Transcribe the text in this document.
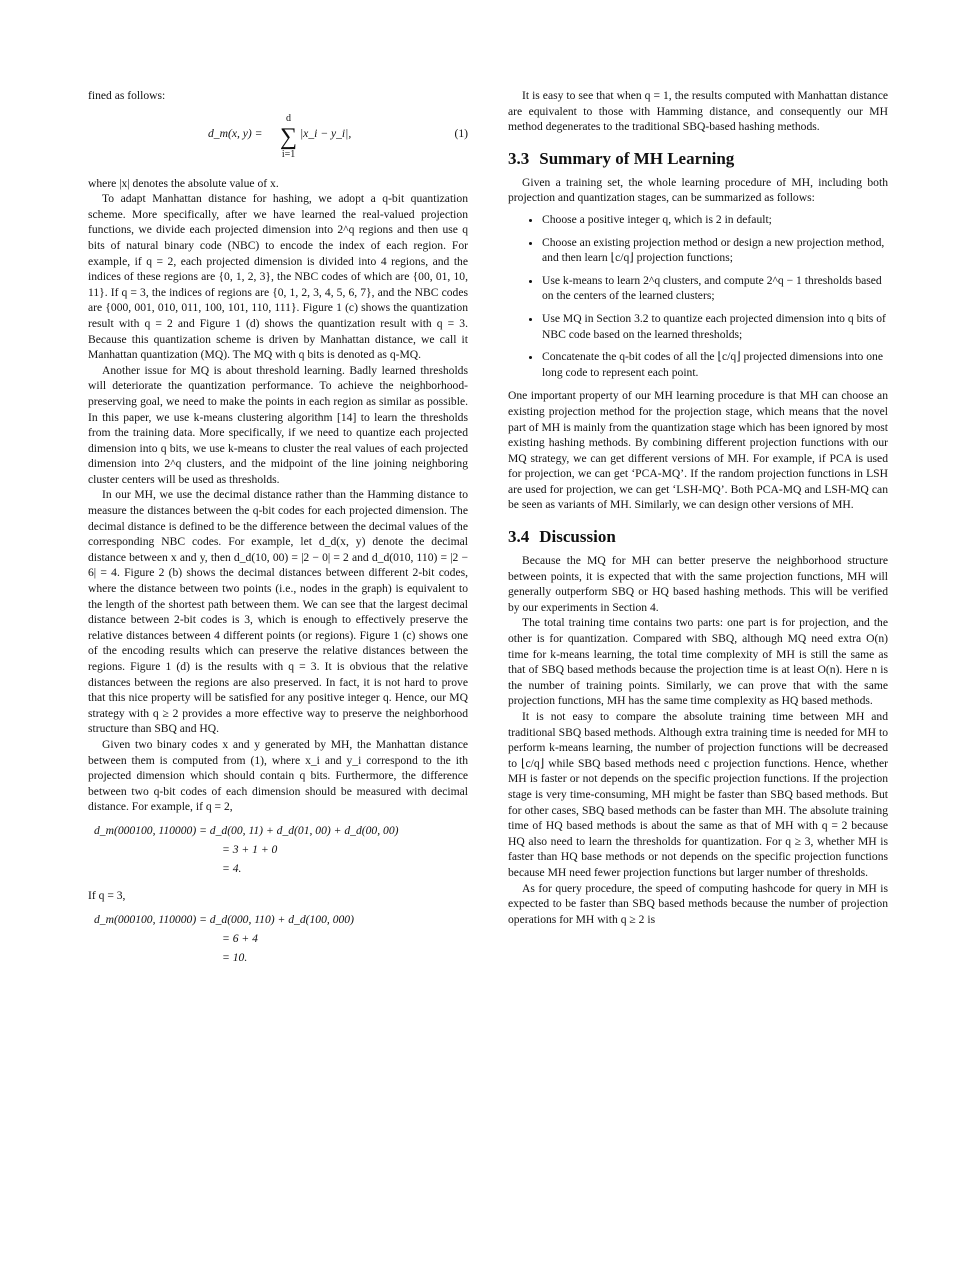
fined as follows:

d_m(x, y) =
d
∑
i=1
|x_i − y_i|,	(1)

where |x| denotes the absolute value of x.

To adapt Manhattan distance for hashing, we adopt a q-bit quantization scheme. More specifically, after we have learned the real-valued projection functions, we divide each projected dimension into 2^q regions and then use q bits of natural binary code (NBC) to encode the index of each region. For example, if q = 2, each projected dimension is divided into 4 regions, and the indices of these regions are {0, 1, 2, 3}, the NBC codes of which are {00, 01, 10, 11}. If q = 3, the indices of regions are {0, 1, 2, 3, 4, 5, 6, 7}, and the NBC codes are {000, 001, 010, 011, 100, 101, 110, 111}. Figure 1 (c) shows the quantization result with q = 2 and Figure 1 (d) shows the quantization result with q = 3. Because this quantization scheme is driven by Manhattan distance, we call it Manhattan quantization (MQ). The MQ with q bits is denoted as q-MQ.

Another issue for MQ is about threshold learning. Badly learned thresholds will deteriorate the quantization performance. To achieve the neighborhood-preserving goal, we need to make the points in each region as similar as possible. In this paper, we use k-means clustering algorithm [14] to learn the thresholds from the training data. More specifically, if we need to quantize each projected dimension into q bits, we use k-means to cluster the real values of each projected dimension into 2^q clusters, and the midpoint of the line joining neighboring cluster centers will be used as thresholds.

In our MH, we use the decimal distance rather than the Hamming distance to measure the distances between the q-bit codes for each projected dimension. The decimal distance is defined to be the difference between the decimal values of the corresponding NBC codes. For example, let d_d(x, y) denote the decimal distance between x and y, then d_d(10, 00) = |2 − 0| = 2 and d_d(010, 110) = |2 − 6| = 4. Figure 2 (b) shows the decimal distances between different 2-bit codes, where the distance between two points (i.e., nodes in the graph) is equivalent to the length of the shortest path between them. We can see that the largest decimal distance between 2-bit codes is 3, which is enough to effectively preserve the relative distances between 4 different points (or regions). Figure 1 (c) shows one of the encoding results which can preserve the relative distances between the regions. Figure 1 (d) is the results with q = 3. It is obvious that the relative distances between the regions are also preserved. In fact, it is not hard to prove that this nice property will be satisfied for any positive integer q. Hence, our MQ strategy with q ≥ 2 provides a more effective way to preserve the neighborhood structure than SBQ and HQ.

Given two binary codes x and y generated by MH, the Manhattan distance between them is computed from (1), where x_i and y_i correspond to the ith projected dimension which should contain q bits. Furthermore, the difference between two q-bit codes of each dimension should be measured with decimal distance. For example, if q = 2,

d_m(000100, 110000) = d_d(00, 11) + d_d(01, 00) + d_d(00, 00)
= 3 + 1 + 0
= 4.

If q = 3,

d_m(000100, 110000) = d_d(000, 110) + d_d(100, 000)
= 6 + 4
= 10.

It is easy to see that when q = 1, the results computed with Manhattan distance are equivalent to those with Hamming distance, and consequently our MH method degenerates to the traditional SBQ-based hashing methods.

3.3 Summary of MH Learning

Given a training set, the whole learning procedure of MH, including both projection and quantization stages, can be summarized as follows:

• Choose a positive integer q, which is 2 in default;
• Choose an existing projection method or design a new projection method, and then learn ⌊c/q⌋ projection functions;
• Use k-means to learn 2^q clusters, and compute 2^q − 1 thresholds based on the centers of the learned clusters;
• Use MQ in Section 3.2 to quantize each projected dimension into q bits of NBC code based on the learned thresholds;
• Concatenate the q-bit codes of all the ⌊c/q⌋ projected dimensions into one long code to represent each point.

One important property of our MH learning procedure is that MH can choose an existing projection method for the projection stage, which means that the novel part of MH is mainly from the quantization stage which has been ignored by most existing hashing methods. By combining different projection functions with our MQ strategy, we can get different versions of MH. For example, if PCA is used for projection, we can get ‘PCA-MQ’. If the random projection functions in LSH are used for projection, we can get ‘LSH-MQ’. Both PCA-MQ and LSH-MQ can be seen as variants of MH. Similarly, we can design other versions of MH.

3.4 Discussion

Because the MQ for MH can better preserve the neighborhood structure between points, it is expected that with the same projection functions, MH will generally outperform SBQ or HQ based hashing methods. This will be verified by our experiments in Section 4.

The total training time contains two parts: one part is for projection, and the other is for quantization. Compared with SBQ, although MQ need extra O(n) time for k-means learning, the total time complexity of MH is still the same as that of SBQ based methods because the projection time is at least O(n). Here n is the number of training points. Similarly, we can prove that with the same projection functions, MH has the same time complexity as HQ based methods.

It is not easy to compare the absolute training time between MH and traditional SBQ based methods. Although extra training time is needed for MH to perform k-means learning, the number of projection functions will be decreased to ⌊c/q⌋ while SBQ based methods need c projection functions. Hence, whether MH is faster or not depends on the specific projection functions. If the projection stage is very time-consuming, MH might be faster than SBQ based methods. But for other cases, SBQ based methods can be faster than MH. The absolute training time of HQ based methods is about the same as that of MH with q = 2 because HQ also need to learn the thresholds for quantization. For q ≥ 3, whether MH is faster than HQ base methods or not depends on the specific projection functions because MH need fewer projection functions but larger number of thresholds.

As for query procedure, the speed of computing hashcode for query in MH is expected to be faster than SBQ based methods because the number of projection operations for MH with q ≥ 2 is
